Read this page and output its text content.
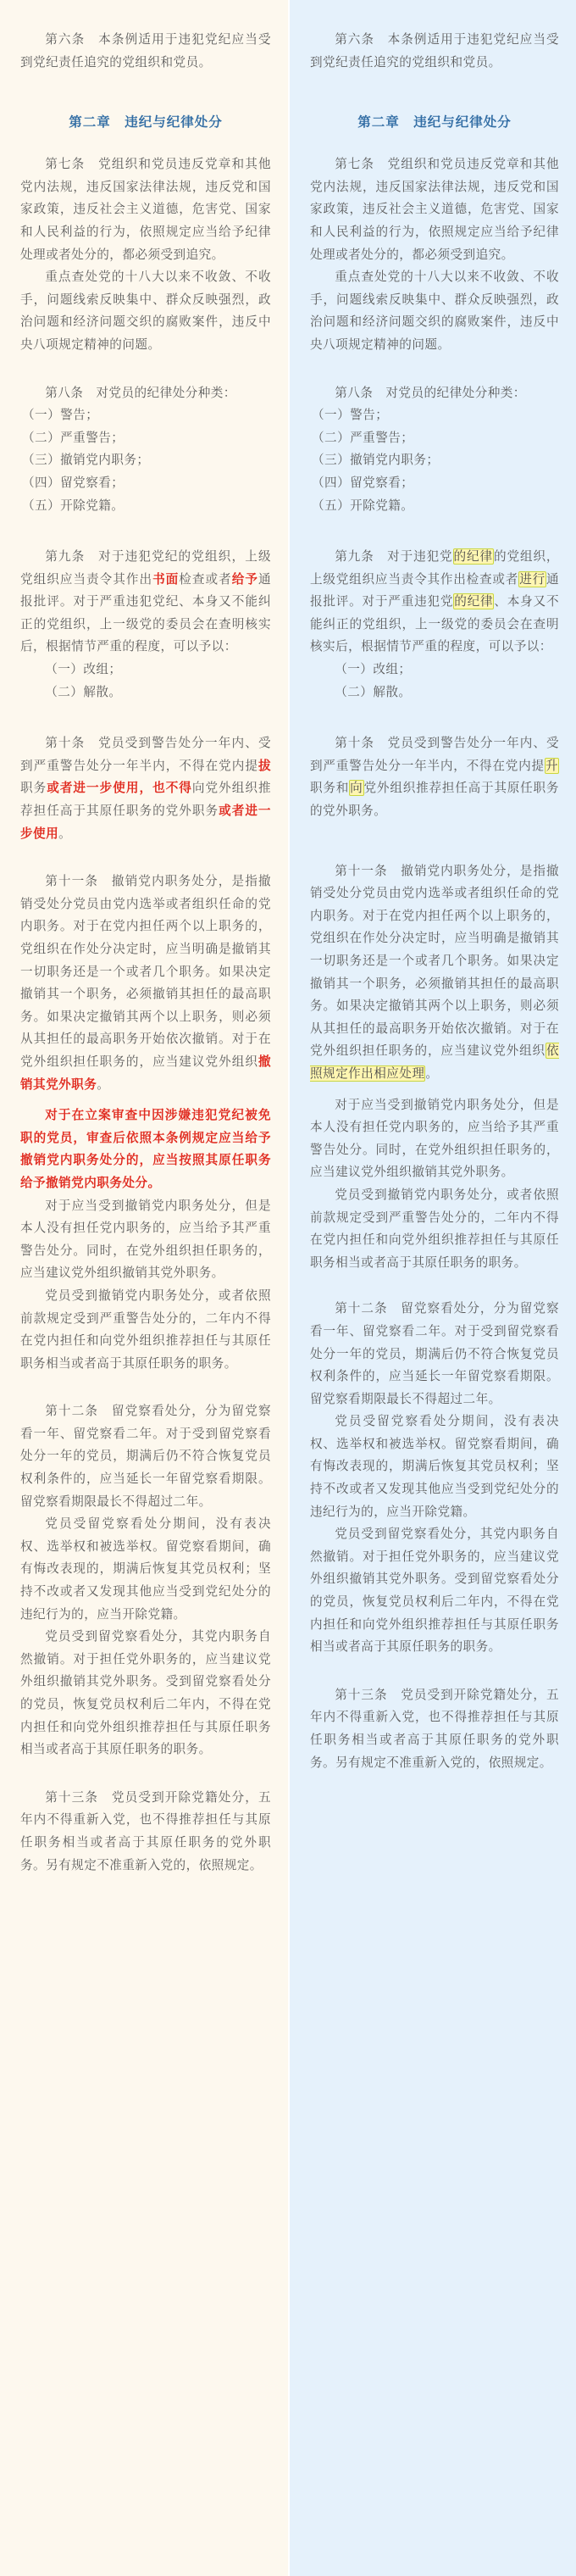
第六条　本条例适用于违犯党纪应当受到党纪责任追究的党组织和党员。

第二章　违纪与纪律处分

第七条　党组织和党员违反党章和其他党内法规，违反国家法律法规，违反党和国家政策，违反社会主义道德，危害党、国家和人民利益的行为，依照规定应当给予纪律处理或者处分的，都必须受到追究。

重点查处党的十八大以来不收敛、不收手，问题线索反映集中、群众反映强烈，政治问题和经济问题交织的腐败案件，违反中央八项规定精神的问题。

第八条　对党员的纪律处分种类：

（一）警告；

（二）严重警告；

（三）撤销党内职务；

（四）留党察看；

（五）开除党籍。

第九条　对于违犯党纪的党组织，上级党组织应当责令其作出书面检查或者给予通报批评。对于严重违犯党纪、本身又不能纠正的党组织，上一级党的委员会在查明核实后，根据情节严重的程度，可以予以：

（一）改组；

（二）解散。

第十条　党员受到警告处分一年内、受到严重警告处分一年半内，不得在党内提拔职务或者进一步使用，也不得向党外组织推荐担任高于其原任职务的党外职务或者进一步使用。

第十一条　撤销党内职务处分，是指撤销受处分党员由党内选举或者组织任命的党内职务。对于在党内担任两个以上职务的，党组织在作处分决定时，应当明确是撤销其一切职务还是一个或者几个职务。如果决定撤销其一个职务，必须撤销其担任的最高职务。如果决定撤销其两个以上职务，则必须从其担任的最高职务开始依次撤销。对于在党外组织担任职务的，应当建议党外组织撤销其党外职务。

对于在立案审查中因涉嫌违犯党纪被免职的党员，审查后依照本条例规定应当给予撤销党内职务处分的，应当按照其原任职务给予撤销党内职务处分。

对于应当受到撤销党内职务处分，但是本人没有担任党内职务的，应当给予其严重警告处分。同时，在党外组织担任职务的，应当建议党外组织撤销其党外职务。

党员受到撤销党内职务处分，或者依照前款规定受到严重警告处分的，二年内不得在党内担任和向党外组织推荐担任与其原任职务相当或者高于其原任职务的职务。

第十二条　留党察看处分，分为留党察看一年、留党察看二年。对于受到留党察看处分一年的党员，期满后仍不符合恢复党员权利条件的，应当延长一年留党察看期限。留党察看期限最长不得超过二年。

党员受留党察看处分期间，没有表决权、选举权和被选举权。留党察看期间，确有悔改表现的，期满后恢复其党员权利；坚持不改或者又发现其他应当受到党纪处分的违纪行为的，应当开除党籍。

党员受到留党察看处分，其党内职务自然撤销。对于担任党外职务的，应当建议党外组织撤销其党外职务。受到留党察看处分的党员，恢复党员权利后二年内，不得在党内担任和向党外组织推荐担任与其原任职务相当或者高于其原任职务的职务。

第十三条　党员受到开除党籍处分，五年内不得重新入党，也不得推荐担任与其原任职务相当或者高于其原任职务的党外职务。另有规定不准重新入党的，依照规定。

第六条　本条例适用于违犯党纪应当受到党纪责任追究的党组织和党员。

第二章　违纪与纪律处分

第七条　党组织和党员违反党章和其他党内法规，违反国家法律法规，违反党和国家政策，违反社会主义道德，危害党、国家和人民利益的行为，依照规定应当给予纪律处理或者处分的，都必须受到追究。

重点查处党的十八大以来不收敛、不收手，问题线索反映集中、群众反映强烈，政治问题和经济问题交织的腐败案件，违反中央八项规定精神的问题。

第八条　对党员的纪律处分种类：

（一）警告；

（二）严重警告；

（三）撤销党内职务；

（四）留党察看；

（五）开除党籍。

第九条　对于违犯党的纪律的党组织，上级党组织应当责令其作出检查或者进行通报批评。对于严重违犯党的纪律、本身又不能纠正的党组织，上一级党的委员会在查明核实后，根据情节严重的程度，可以予以：

（一）改组；

（二）解散。

第十条　党员受到警告处分一年内、受到严重警告处分一年半内，不得在党内提升职务和向党外组织推荐担任高于其原任职务的党外职务。

第十一条　撤销党内职务处分，是指撤销受处分党员由党内选举或者组织任命的党内职务。对于在党内担任两个以上职务的，党组织在作处分决定时，应当明确是撤销其一切职务还是一个或者几个职务。如果决定撤销其一个职务，必须撤销其担任的最高职务。如果决定撤销其两个以上职务，则必须从其担任的最高职务开始依次撤销。对于在党外组织担任职务的，应当建议党外组织依照规定作出相应处理。

对于应当受到撤销党内职务处分，但是本人没有担任党内职务的，应当给予其严重警告处分。同时，在党外组织担任职务的，应当建议党外组织撤销其党外职务。

党员受到撤销党内职务处分，或者依照前款规定受到严重警告处分的，二年内不得在党内担任和向党外组织推荐担任与其原任职务相当或者高于其原任职务的职务。

第十二条　留党察看处分，分为留党察看一年、留党察看二年。对于受到留党察看处分一年的党员，期满后仍不符合恢复党员权利条件的，应当延长一年留党察看期限。留党察看期限最长不得超过二年。

党员受留党察看处分期间，没有表决权、选举权和被选举权。留党察看期间，确有悔改表现的，期满后恢复其党员权利；坚持不改或者又发现其他应当受到党纪处分的违纪行为的，应当开除党籍。

党员受到留党察看处分，其党内职务自然撤销。对于担任党外职务的，应当建议党外组织撤销其党外职务。受到留党察看处分的党员，恢复党员权利后二年内，不得在党内担任和向党外组织推荐担任与其原任职务相当或者高于其原任职务的职务。

第十三条　党员受到开除党籍处分，五年内不得重新入党，也不得推荐担任与其原任职务相当或者高于其原任职务的党外职务。另有规定不准重新入党的，依照规定。
